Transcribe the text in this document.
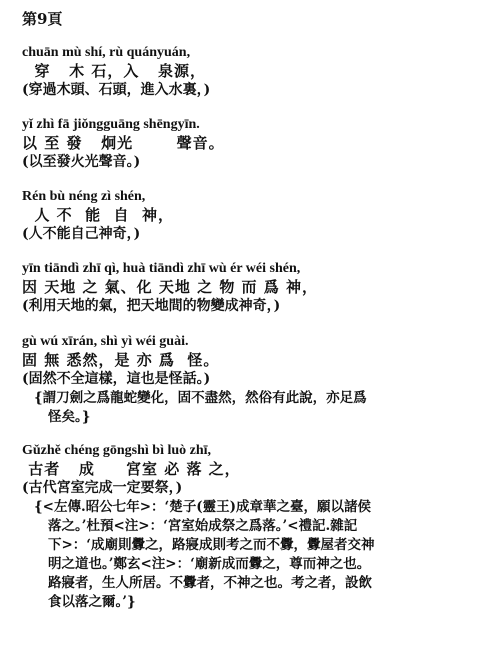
第9頁
chuān mù shí, rù quányuán,
穿   木 石，入   泉源，
(穿過木頭、石頭，進入水裏，)
yǐ zhì fā jiǒngguāng shēngyīn.
以 至 發   炯光       聲音。
(以至發火光聲音。)
Rén bù néng zì shén,
人 不  能  自  神，
(人不能自己神奇，)
yīn tiāndì zhī qì, huà tiāndì zhī wù ér wéi shén,
因 天地 之 氣、化 天地 之 物 而 爲 神，
(利用天地的氣，把天地間的物變成神奇，)
gù wú xīrán, shì yì wéi guài.
固 無 悉然，是 亦 爲  怪。
(固然不全這樣，這也是怪話。)
{謂刀劍之爲龍蛇變化，固不盡然，然俗有此說，亦足爲
怪矣。}
Gǔzhě chéng gōngshì bì luò zhī,
古者   成     宮室 必 落 之，
(古代宮室完成一定要祭，)
{<左傳.昭公七年>：‘楚子(靈王)成章華之臺，願以諸侯
落之。’杜預<注>：‘宮室始成祭之爲落。’<禮記.雜記
下>：‘成廟則釁之，路寢成則考之而不釁，釁屋者交神
明之道也。’鄭玄<注>：‘廟新成而釁之，尊而神之也。
路寢者，生人所居。不釁者，不神之也。考之者，設飲
食以落之爾。’}
